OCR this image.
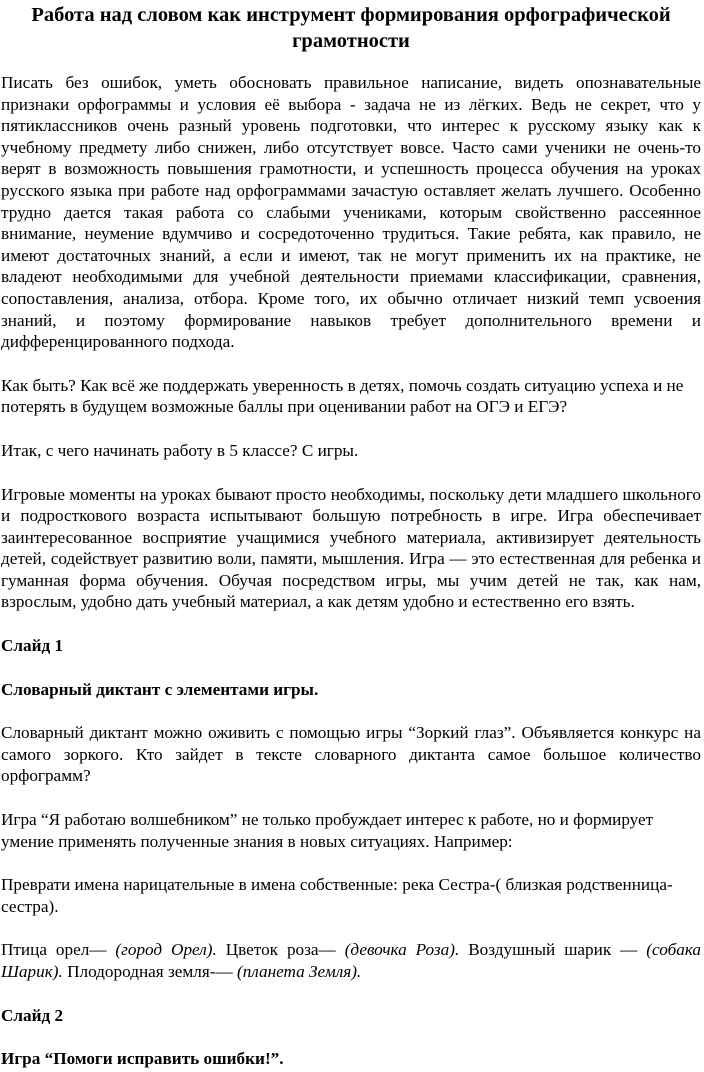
Работа над словом как инструмент формирования орфографической грамотности

Писать без ошибок, уметь обосновать правильное написание, видеть опознавательные признаки орфограммы и условия её выбора - задача не из лёгких. Ведь не секрет, что у пятиклассников очень разный уровень подготовки, что интерес к русскому языку как к учебному предмету либо снижен, либо отсутствует вовсе. Часто сами ученики не очень-то верят в возможность повышения грамотности, и успешность процесса обучения на уроках русского языка при работе над орфограммами зачастую оставляет желать лучшего. Особенно трудно дается такая работа со слабыми учениками, которым свойственно рассеянное внимание, неумение вдумчиво и сосредоточенно трудиться. Такие ребята, как правило, не имеют достаточных знаний, а если и имеют, так не могут применить их на практике, не владеют необходимыми для учебной деятельности приемами классификации, сравнения, сопоставления, анализа, отбора. Кроме того, их обычно отличает низкий темп усвоения знаний, и поэтому формирование навыков требует дополнительного времени и дифференцированного подхода.

Как быть? Как всё же поддержать уверенность в детях, помочь создать ситуацию успеха и не потерять в будущем возможные баллы при оценивании работ на ОГЭ и ЕГЭ?

Итак, с чего начинать работу в 5 классе? С игры.

Игровые моменты на уроках бывают просто необходимы, поскольку дети младшего школьного и подросткового возраста испытывают большую потребность в игре. Игра обеспечивает заинтересованное восприятие учащимися учебного материала, активизирует деятельность детей, содействует развитию воли, памяти, мышления. Игра — это естественная для ребенка и гуманная форма обучения. Обучая посредством игры, мы учим детей не так, как нам, взрослым, удобно дать учебный материал, а как детям удобно и естественно его взять.

Слайд 1

Словарный диктант с элементами игры.

Словарный диктант можно оживить с помощью игры “Зоркий глаз”. Объявляется конкурс на самого зоркого. Кто зайдет в тексте словарного диктанта самое большое количество орфограмм?

Игра “Я работаю волшебником” не только пробуждает интерес к работе, но и формирует умение применять полученные знания в новых ситуациях. Например:

Преврати имена нарицательные в имена собственные: река Сестра-( близкая родственница-сестра).

Птица орел— (город Орел). Цветок роза— (девочка Роза). Воздушный шарик — (собака Шарик). Плодородная земля-— (планета Земля).

Слайд 2

Игра “Помоги исправить ошибки!”.
